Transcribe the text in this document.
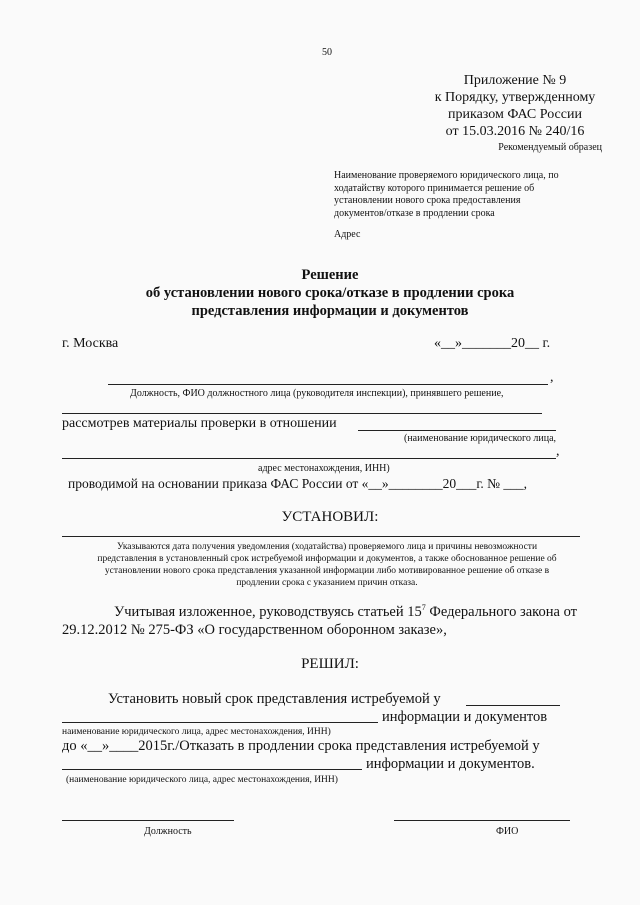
50
Приложение № 9
к Порядку, утвержденному
приказом ФАС России
от 15.03.2016 № 240/16
Рекомендуемый образец
Наименование проверяемого юридического лица, по
ходатайству которого принимается решение об
установлении нового срока предоставления
документов/отказе в продлении срока
Адрес
Решение
об установлении нового срока/отказе в продлении срока
представления информации и документов
г. Москва	«__»_______20__ г.
,
Должность, ФИО должностного лица (руководителя инспекции), принявшего решение,
рассмотрев материалы проверки в отношении
(наименование юридического лица,
,
адрес местонахождения, ИНН)
проводимой на основании приказа ФАС России от «__»________20___г. № ___,
УСТАНОВИЛ:
Указываются дата получения уведомления (ходатайства) проверяемого лица и причины невозможности
представления в установленный срок истребуемой информации и документов, а также обоснованное решение об
установлении нового срока представления указанной информации либо мотивированное решение об отказе в
продлении срока с указанием причин отказа.
Учитывая изложенное, руководствуясь статьей $15^7$ Федерального закона от
29.12.2012 № 275-ФЗ «О государственном оборонном заказе»,
РЕШИЛ:
Установить новый срок представления истребуемой у
информации и документов
наименование юридического лица, адрес местонахождения, ИНН)
до «__»____2015г./Отказать в продлении срока представления истребуемой у
информации и документов.
(наименование юридического лица, адрес местонахождения, ИНН)
Должность	ФИО
